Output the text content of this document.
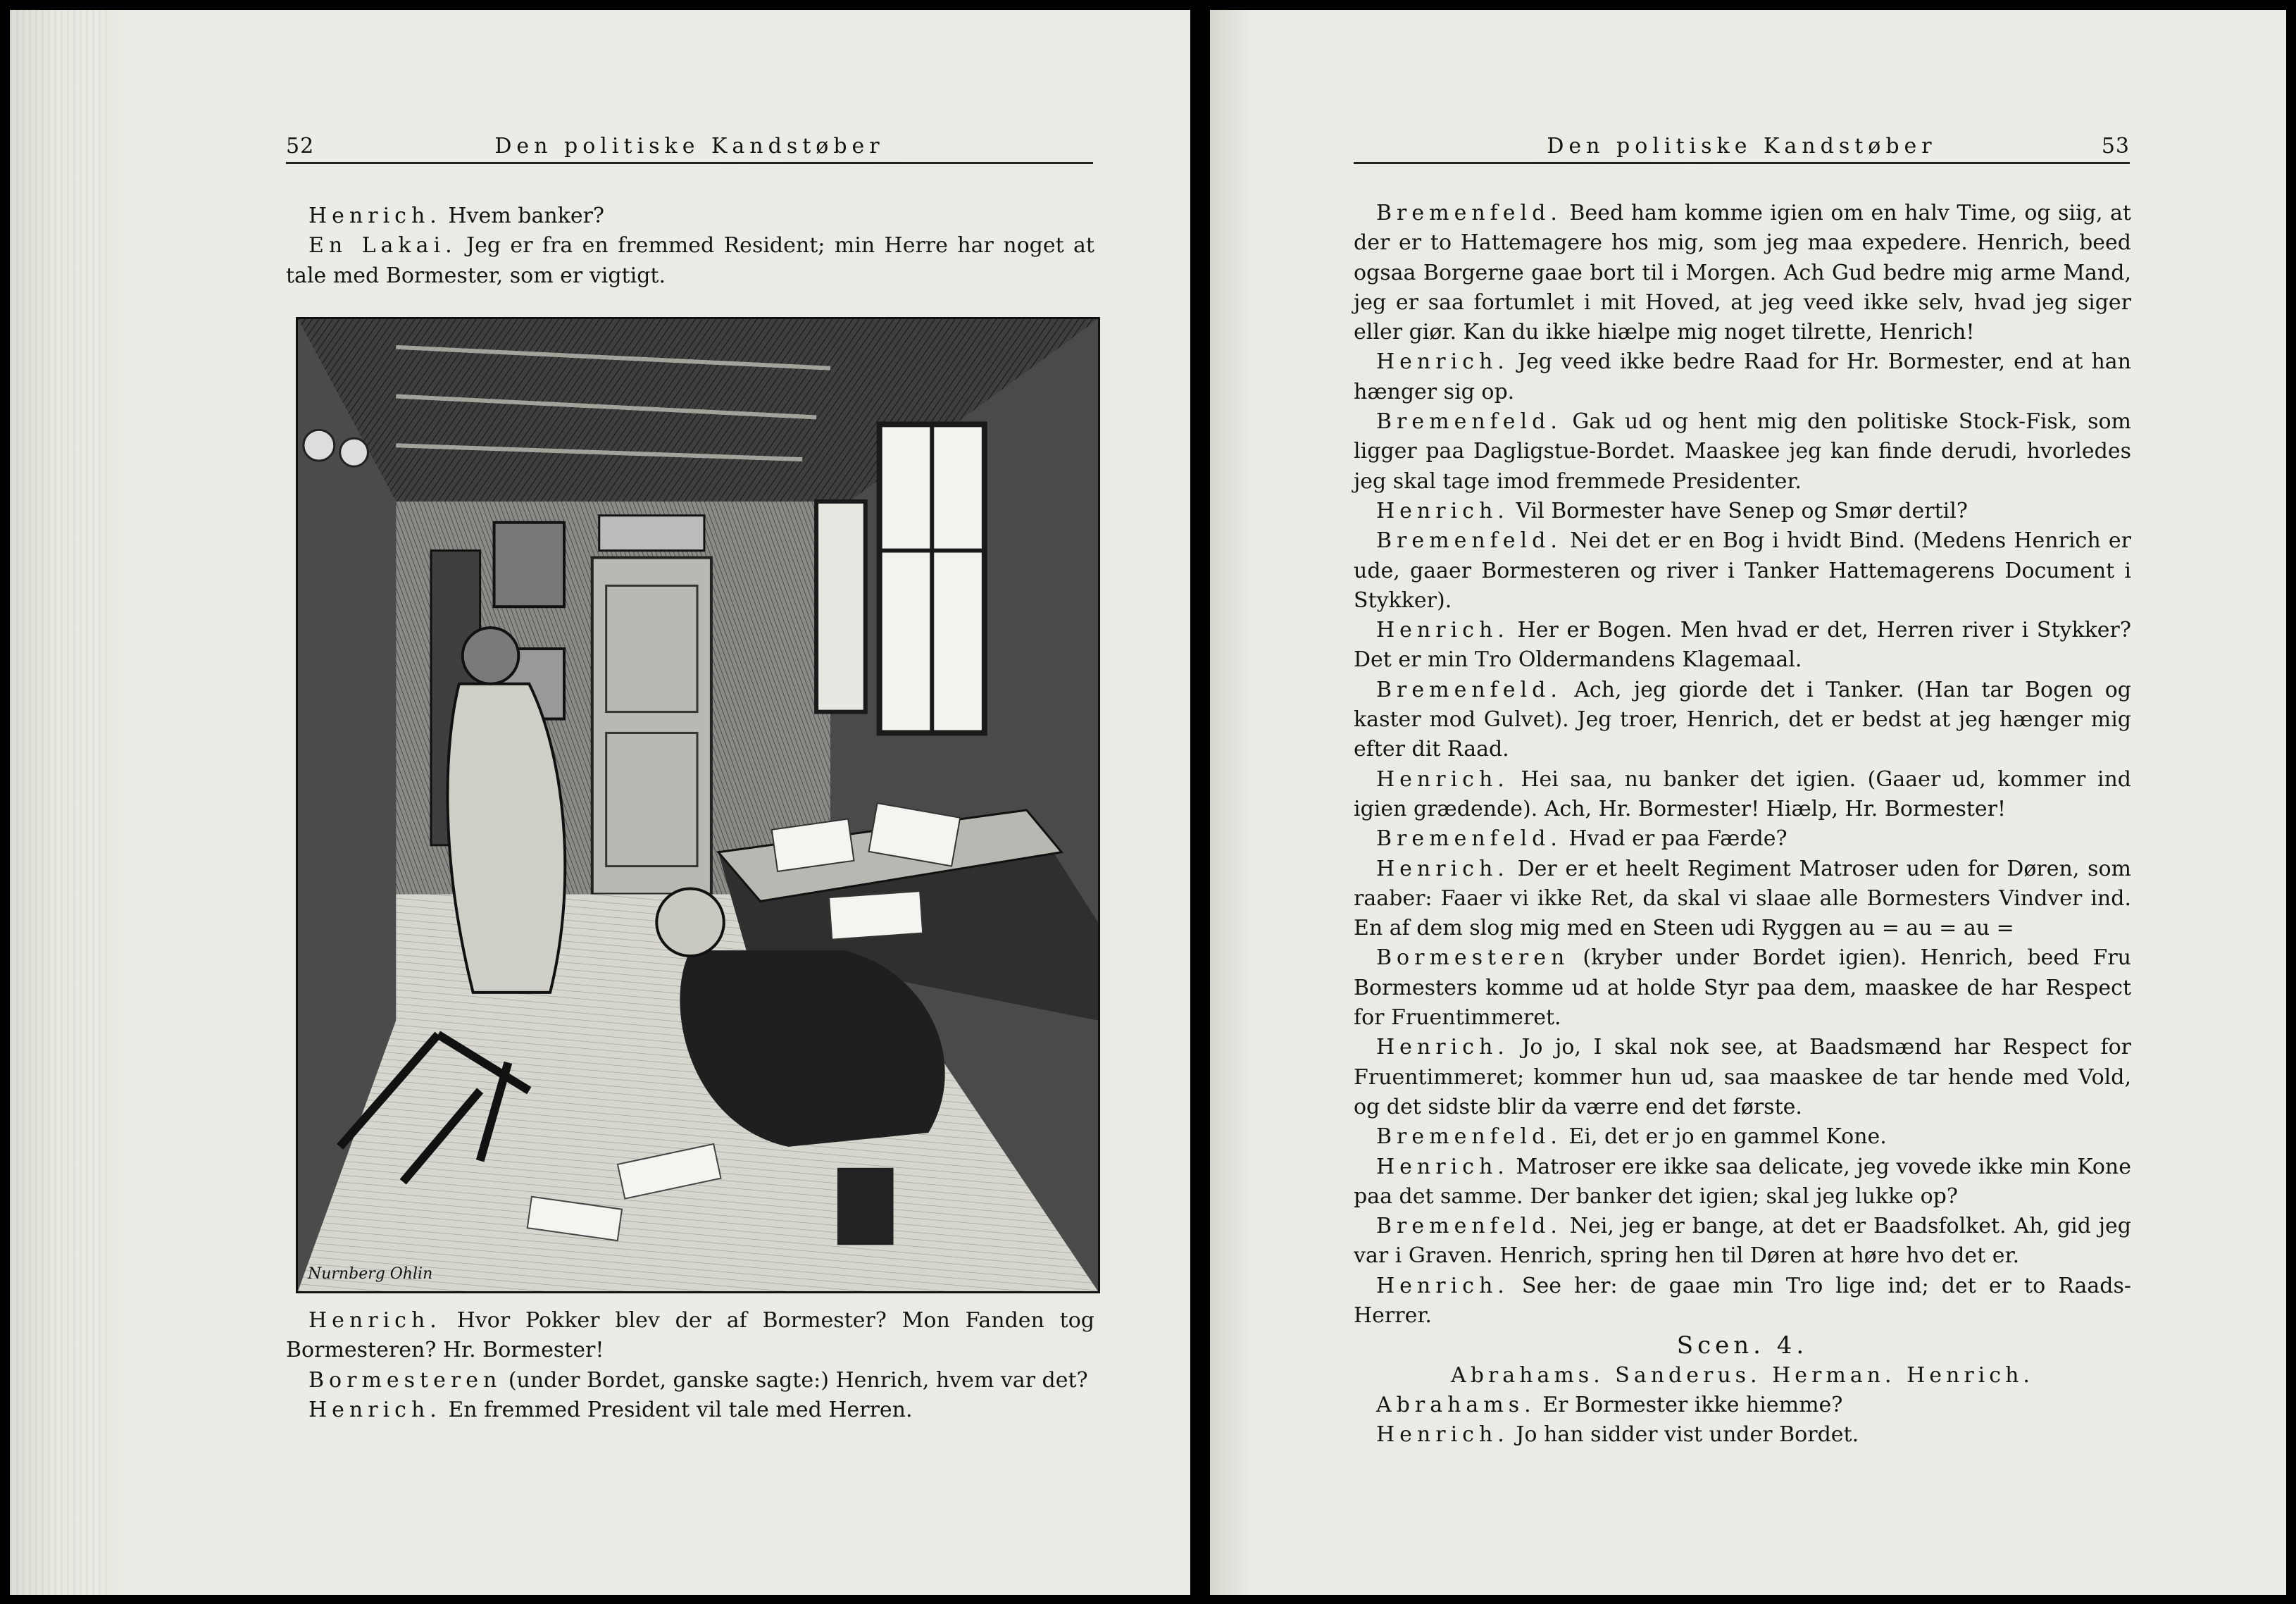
52	Den politiske Kandstøber

Henrich. Hvem banker?

En Lakai. Jeg er fra en fremmed Resident; min Herre har noget at tale med Bormester, som er vigtigt.

Nurnberg Ohlin

Henrich. Hvor Pokker blev der af Bormester? Mon Fanden tog Bormesteren? Hr. Bormester!

Bormesteren (under Bordet, ganske sagte:) Henrich, hvem var det?

Henrich. En fremmed President vil tale med Herren.

Den politiske Kandstøber	53

Bremenfeld. Beed ham komme igien om en halv Time, og siig, at der er to Hattemagere hos mig, som jeg maa expedere. Henrich, beed ogsaa Borgerne gaae bort til i Morgen. Ach Gud bedre mig arme Mand, jeg er saa fortumlet i mit Hoved, at jeg veed ikke selv, hvad jeg siger eller giør. Kan du ikke hiælpe mig noget tilrette, Henrich!

Henrich. Jeg veed ikke bedre Raad for Hr. Bormester, end at han hænger sig op.

Bremenfeld. Gak ud og hent mig den politiske Stock-Fisk, som ligger paa Dagligstue-Bordet. Maaskee jeg kan finde derudi, hvorledes jeg skal tage imod fremmede Presidenter.

Henrich. Vil Bormester have Senep og Smør dertil?

Bremenfeld. Nei det er en Bog i hvidt Bind. (Medens Henrich er ude, gaaer Bormesteren og river i Tanker Hattemagerens Document i Stykker).

Henrich. Her er Bogen. Men hvad er det, Herren river i Stykker? Det er min Tro Oldermandens Klagemaal.

Bremenfeld. Ach, jeg giorde det i Tanker. (Han tar Bogen og kaster mod Gulvet). Jeg troer, Henrich, det er bedst at jeg hænger mig efter dit Raad.

Henrich. Hei saa, nu banker det igien. (Gaaer ud, kommer ind igien grædende). Ach, Hr. Bormester! Hiælp, Hr. Bormester!

Bremenfeld. Hvad er paa Færde?

Henrich. Der er et heelt Regiment Matroser uden for Døren, som raaber: Faaer vi ikke Ret, da skal vi slaae alle Bormesters Vindver ind. En af dem slog mig med en Steen udi Ryggen au = au = au =

Bormesteren (kryber under Bordet igien). Henrich, beed Fru Bormesters komme ud at holde Styr paa dem, maaskee de har Respect for Fruentimmeret.

Henrich. Jo jo, I skal nok see, at Baadsmænd har Respect for Fruentimmeret; kommer hun ud, saa maaskee de tar hende med Vold, og det sidste blir da værre end det første.

Bremenfeld. Ei, det er jo en gammel Kone.

Henrich. Matroser ere ikke saa delicate, jeg vovede ikke min Kone paa det samme. Der banker det igien; skal jeg lukke op?

Bremenfeld. Nei, jeg er bange, at det er Baadsfolket. Ah, gid jeg var i Graven. Henrich, spring hen til Døren at høre hvo det er.

Henrich. See her: de gaae min Tro lige ind; det er to Raads-Herrer.

Scen. 4.

Abrahams. Sanderus. Herman. Henrich.

Abrahams. Er Bormester ikke hiemme?

Henrich. Jo han sidder vist under Bordet.
